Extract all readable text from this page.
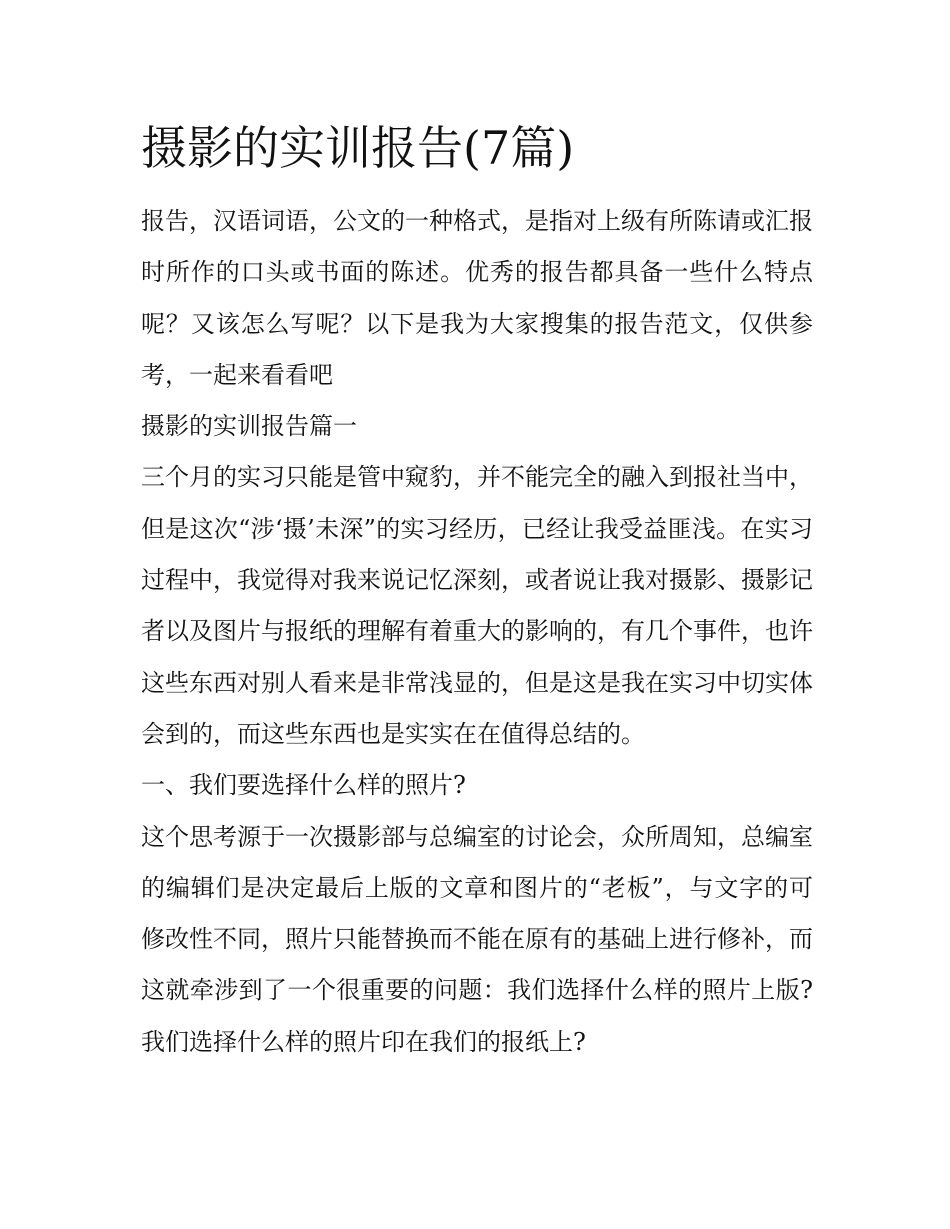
摄影的实训报告(7篇)

报告，汉语词语，公文的一种格式，是指对上级有所陈请或汇报时所作的口头或书面的陈述。优秀的报告都具备一些什么特点呢？又该怎么写呢？以下是我为大家搜集的报告范文，仅供参考，一起来看看吧

摄影的实训报告篇一

三个月的实习只能是管中窥豹，并不能完全的融入到报社当中，但是这次“涉‘摄’未深”的实习经历，已经让我受益匪浅。在实习过程中，我觉得对我来说记忆深刻，或者说让我对摄影、摄影记者以及图片与报纸的理解有着重大的影响的，有几个事件，也许这些东西对别人看来是非常浅显的，但是这是我在实习中切实体会到的，而这些东西也是实实在在值得总结的。

一、我们要选择什么样的照片?

这个思考源于一次摄影部与总编室的讨论会，众所周知，总编室的编辑们是决定最后上版的文章和图片的“老板”，与文字的可修改性不同，照片只能替换而不能在原有的基础上进行修补，而这就牵涉到了一个很重要的问题：我们选择什么样的照片上版?我们选择什么样的照片印在我们的报纸上?
